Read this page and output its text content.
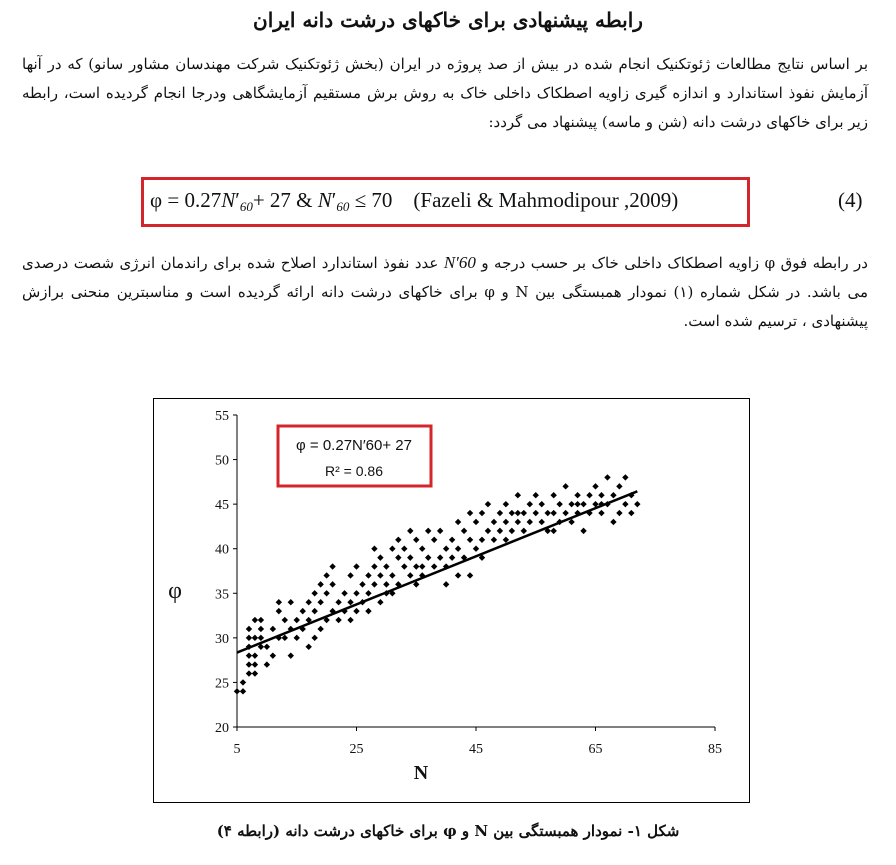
رابطه پیشنهادی برای خاکهای درشت دانه ایران
بر اساس نتایج مطالعات ژئوتکنیک انجام شده در بیش از صد پروژه در ایران (بخش ژئوتکنیک شرکت مهندسان مشاور سانو) که در آنها آزمایش نفوذ استاندارد و اندازه گیری زاویه اصطکاک داخلی خاک به روش برش مستقیم آزمایشگاهی ودرجا انجام گردیده است، رابطه زیر برای خاکهای درشت دانه (شن و ماسه) پیشنهاد می گردد:
$\varphi = 0.27N'_{60}+ 27$ & $N'_{60} \le 70$ (Fazeli & Mahmodipour ,2009)	(4)
در رابطه فوق φ زاویه اصطکاک داخلی خاک بر حسب درجه و N′60 عدد نفوذ استاندارد اصلاح شده برای راندمان انرژی شصت درصدی می باشد. در شکل شماره (۱) نمودار همبستگی بین N و φ برای خاکهای درشت دانه ارائه گردیده است و مناسبترین منحنی برازش پیشنهادی ، ترسیم شده است.
20
25
30
35
40
45
50
55
5	25	45	65	85
N
φ
φ = 0.27N′60+ 27
R² = 0.86
شکل ۱- نمودار همبستگی بین N و φ برای خاکهای درشت دانه (رابطه ۴)
